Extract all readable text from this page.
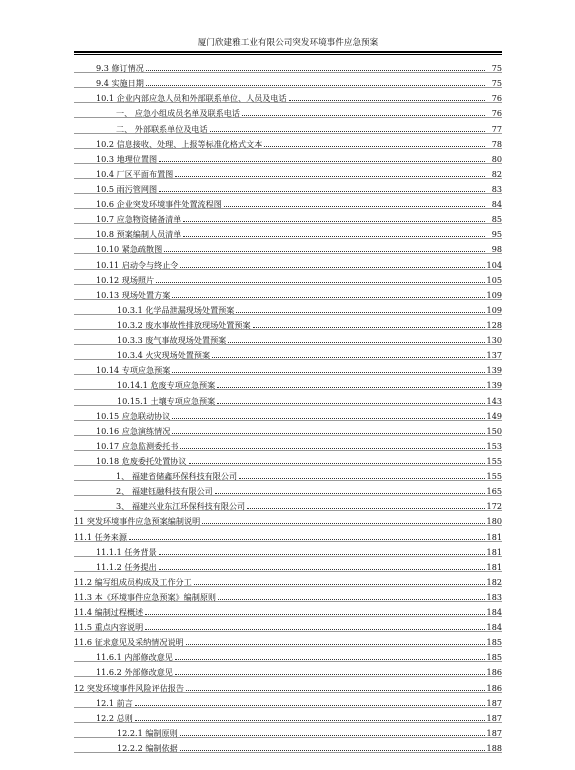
厦门欣建雅工业有限公司突发环境事件应急预案
9.3 修订情况	75
9.4 实施日期	75
10.1 企业内部应急人员和外部联系单位、人员及电话	76
一、 应急小组成员名单及联系电话	76
二、 外部联系单位及电话	77
10.2 信息接收、处理、上报等标准化格式文本	78
10.3 地理位置图	80
10.4 厂区平面布置图	82
10.5 雨污管网图	83
10.6 企业突发环境事件处置流程图	84
10.7 应急物资储备清单	85
10.8 预案编制人员清单	95
10.10 紧急疏散图	98
10.11 启动令与终止令	104
10.12 现场照片	105
10.13 现场处置方案	109
10.3.1 化学品泄漏现场处置预案	109
10.3.2 废水事故性排放现场处置预案	128
10.3.3 废气事故现场处置预案	130
10.3.4 火灾现场处置预案	137
10.14 专项应急预案	139
10.14.1 危废专项应急预案	139
10.15.1 土壤专项应急预案	143
10.15 应急联动协议	149
10.16 应急演练情况	150
10.17 应急监测委托书	153
10.18 危废委托处置协议	155
1、 福建省储鑫环保科技有限公司	155
2、 福建钰融科技有限公司	165
3、 福建兴业东江环保科技有限公司	172
11 突发环境事件应急预案编制说明	180
11.1 任务来源	181
11.1.1 任务背景	181
11.1.2 任务提出	181
11.2 编写组成员构成及工作分工	182
11.3 本《环境事件应急预案》编制原则	183
11.4 编制过程概述	184
11.5 重点内容说明	184
11.6 征求意见及采纳情况说明	185
11.6.1 内部修改意见	185
11.6.2 外部修改意见	186
12 突发环境事件风险评估报告	186
12.1 前言	187
12.2 总则	187
12.2.1 编制原则	187
12.2.2 编制依据	188
